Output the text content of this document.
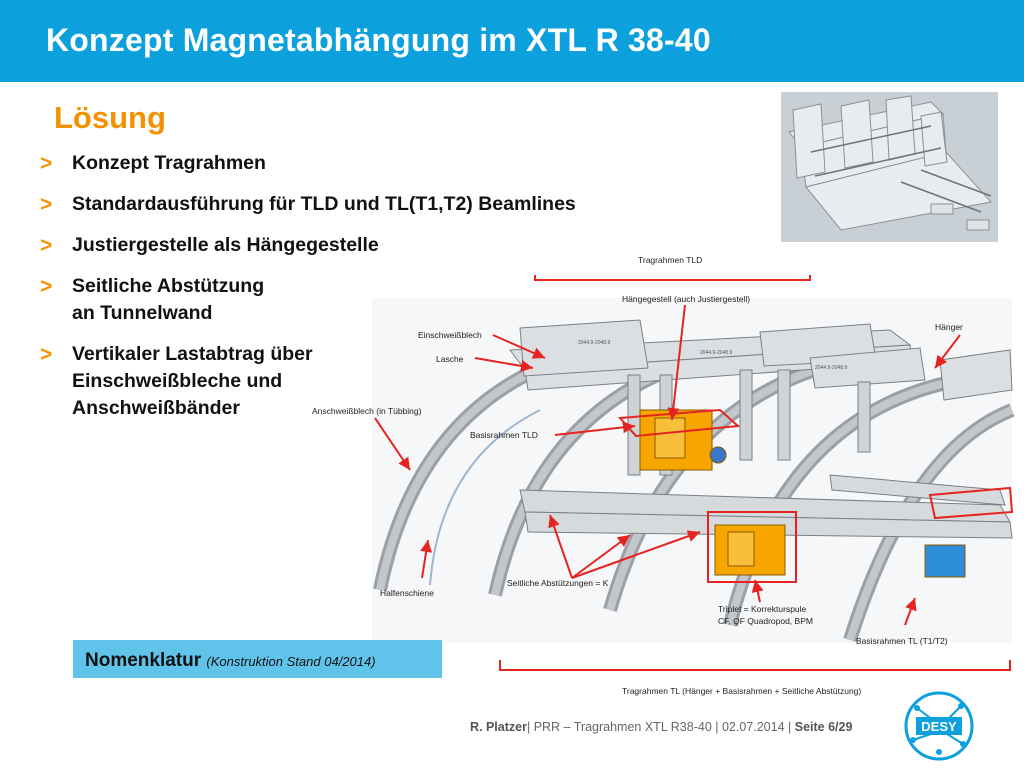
Konzept Magnetabhängung im XTL R 38-40
Lösung
>	Konzept Tragrahmen
>	Standardausführung für TLD und TL(T1,T2) Beamlines
>	Justiergestelle als Hängegestelle
>	Seitliche Abstützung
an Tunnelwand
>	Vertikaler Lastabtrag über
Einschweißbleche und
Anschweißbänder
Tragrahmen TLD
Hängegestell (auch Justiergestell)
Hänger
Einschweißblech
Lasche
Anschweißblech (in Tübbing)
Basisrahmen TLD
Halfenschiene
Seitliche Abstützungen = K
Triplet = Korrekturspule
CF, QF Quadropod, BPM
Basisrahmen TL (T1/T2)
Tragrahmen TL (Hänger + Basisrahmen + Seitliche Abstützung)
2044.9-2048.9
2044.9-2048.9
2044.9-2048.9
Nomenklatur (Konstruktion Stand 04/2014)
R. Platzer| PRR – Tragrahmen XTL R38-40 | 02.07.2014 | Seite 6/29	DESY
